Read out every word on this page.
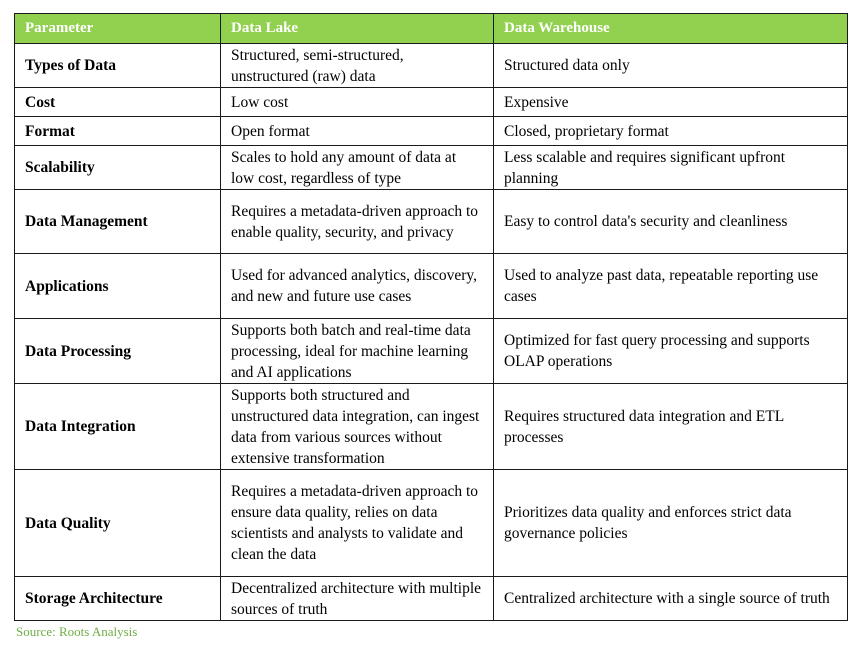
Parameter	Data Lake	Data Warehouse
Types of Data	Structured, semi-structured, unstructured (raw) data	Structured data only
Cost	Low cost	Expensive
Format	Open format	Closed, proprietary format
Scalability	Scales to hold any amount of data at low cost, regardless of type	Less scalable and requires significant upfront planning
Data Management	Requires a metadata-driven approach to enable quality, security, and privacy	Easy to control data's security and cleanliness
Applications	Used for advanced analytics, discovery, and new and future use cases	Used to analyze past data, repeatable reporting use cases
Data Processing	Supports both batch and real-time data processing, ideal for machine learning and AI applications	Optimized for fast query processing and supports OLAP operations
Data Integration	Supports both structured and unstructured data integration, can ingest data from various sources without extensive transformation	Requires structured data integration and ETL processes
Data Quality	Requires a metadata-driven approach to ensure data quality, relies on data scientists and analysts to validate and clean the data	Prioritizes data quality and enforces strict data governance policies
Storage Architecture	Decentralized architecture with multiple sources of truth	Centralized architecture with a single source of truth
Source: Roots Analysis
